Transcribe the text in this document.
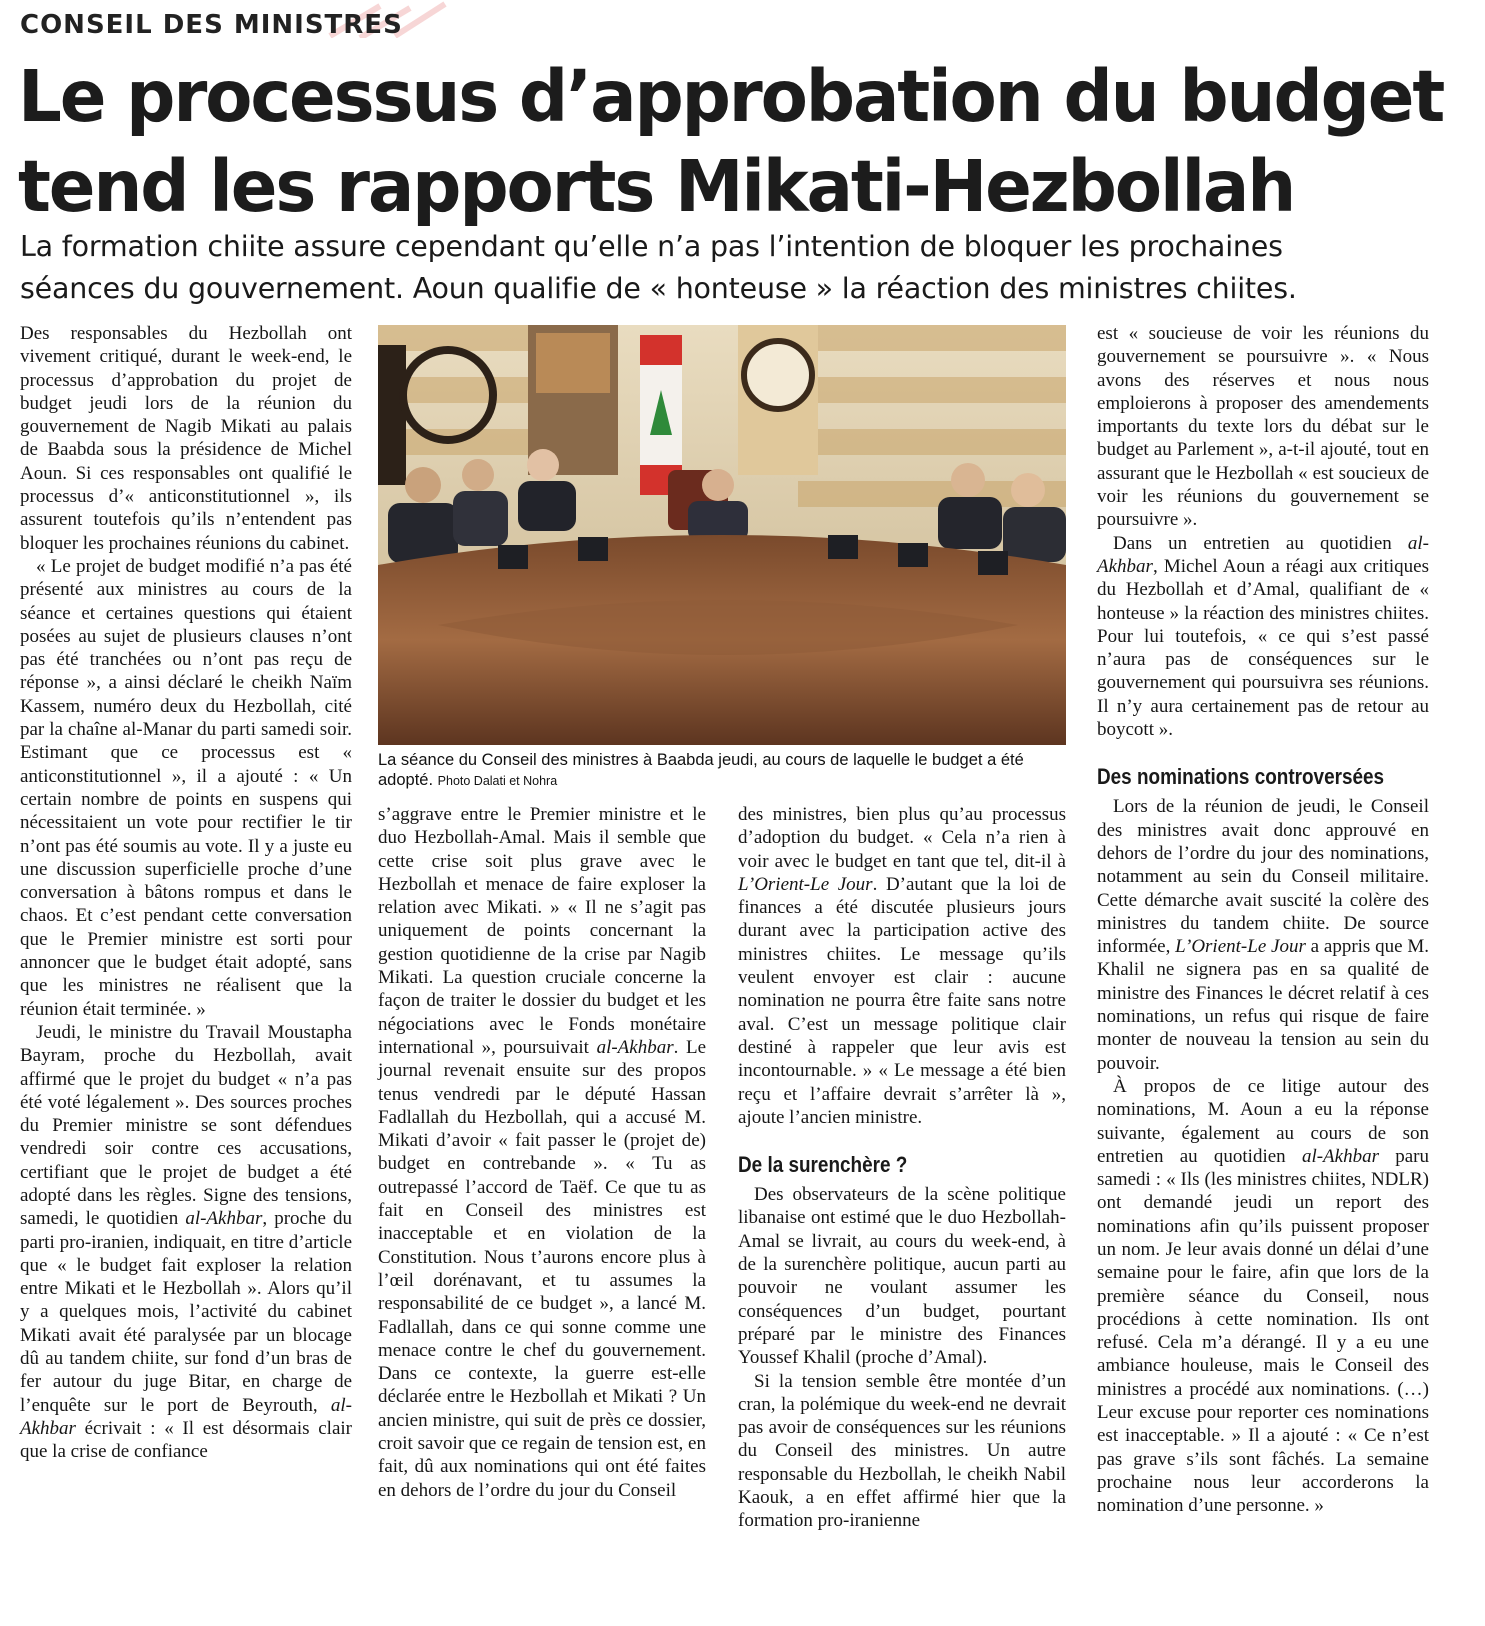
CONSEIL DES MINISTRES
Le processus d’approbation du budget
tend les rapports Mikati-Hezbollah
La formation chiite assure cependant qu’elle n’a pas l’intention de bloquer les prochaines
séances du gouvernement. Aoun qualifie de « honteuse » la réaction des ministres chiites.

Des responsables du Hezbollah ont vivement critiqué, durant le week-end, le processus d’approbation du projet de budget jeudi lors de la réunion du gouvernement de Nagib Mikati au palais de Baabda sous la présidence de Michel Aoun. Si ces responsables ont qualifié le processus d’« anticonstitutionnel », ils assurent toutefois qu’ils n’entendent pas bloquer les prochaines réunions du cabinet.

« Le projet de budget modifié n’a pas été présenté aux ministres au cours de la séance et certaines questions qui étaient posées au sujet de plusieurs clauses n’ont pas été tranchées ou n’ont pas reçu de réponse », a ainsi déclaré le cheikh Naïm Kassem, numéro deux du Hezbollah, cité par la chaîne al-Manar du parti samedi soir. Estimant que ce processus est « anticonstitutionnel », il a ajouté : « Un certain nombre de points en suspens qui nécessitaient un vote pour rectifier le tir n’ont pas été soumis au vote. Il y a juste eu une discussion superficielle proche d’une conversation à bâtons rompus et dans le chaos. Et c’est pendant cette conversation que le Premier ministre est sorti pour annoncer que le budget était adopté, sans que les ministres ne réalisent que la réunion était terminée. »

Jeudi, le ministre du Travail Moustapha Bayram, proche du Hezbollah, avait affirmé que le projet du budget « n’a pas été voté légalement ». Des sources proches du Premier ministre se sont défendues vendredi soir contre ces accusations, certifiant que le projet de budget a été adopté dans les règles. Signe des tensions, samedi, le quotidien al-Akhbar, proche du parti pro-iranien, indiquait, en titre d’article que « le budget fait exploser la relation entre Mikati et le Hezbollah ». Alors qu’il y a quelques mois, l’activité du cabinet Mikati avait été paralysée par un blocage dû au tandem chiite, sur fond d’un bras de fer autour du juge Bitar, en charge de l’enquête sur le port de Beyrouth, al-Akhbar écrivait : « Il est désormais clair que la crise de confiance

La séance du Conseil des ministres à Baabda jeudi, au cours de laquelle le budget a été adopté. Photo Dalati et Nohra

s’aggrave entre le Premier ministre et le duo Hezbollah-Amal. Mais il semble que cette crise soit plus grave avec le Hezbollah et menace de faire exploser la relation avec Mikati. » « Il ne s’agit pas uniquement de points concernant la gestion quotidienne de la crise par Nagib Mikati. La question cruciale concerne la façon de traiter le dossier du budget et les négociations avec le Fonds monétaire international », poursuivait al-Akhbar. Le journal revenait ensuite sur des propos tenus vendredi par le député Hassan Fadlallah du Hezbollah, qui a accusé M. Mikati d’avoir « fait passer le (projet de) budget en contrebande ». « Tu as outrepassé l’accord de Taëf. Ce que tu as fait en Conseil des ministres est inacceptable et en violation de la Constitution. Nous t’aurons encore plus à l’œil dorénavant, et tu assumes la responsabilité de ce budget », a lancé M. Fadlallah, dans ce qui sonne comme une menace contre le chef du gouvernement. Dans ce contexte, la guerre est-elle déclarée entre le Hezbollah et Mikati ? Un ancien ministre, qui suit de près ce dossier, croit savoir que ce regain de tension est, en fait, dû aux nominations qui ont été faites en dehors de l’ordre du jour du Conseil

des ministres, bien plus qu’au processus d’adoption du budget. « Cela n’a rien à voir avec le budget en tant que tel, dit-il à L’Orient-Le Jour. D’autant que la loi de finances a été discutée plusieurs jours durant avec la participation active des ministres chiites. Le message qu’ils veulent envoyer est clair : aucune nomination ne pourra être faite sans notre aval. C’est un message politique clair destiné à rappeler que leur avis est incontournable. » « Le message a été bien reçu et l’affaire devrait s’arrêter là », ajoute l’ancien ministre.

De la surenchère ?

Des observateurs de la scène politique libanaise ont estimé que le duo Hezbollah-Amal se livrait, au cours du week-end, à de la surenchère politique, aucun parti au pouvoir ne voulant assumer les conséquences d’un budget, pourtant préparé par le ministre des Finances Youssef Khalil (proche d’Amal).

Si la tension semble être montée d’un cran, la polémique du week-end ne devrait pas avoir de conséquences sur les réunions du Conseil des ministres. Un autre responsable du Hezbollah, le cheikh Nabil Kaouk, a en effet affirmé hier que la formation pro-iranienne

est « soucieuse de voir les réunions du gouvernement se poursuivre ». « Nous avons des réserves et nous nous emploierons à proposer des amendements importants du texte lors du débat sur le budget au Parlement », a-t-il ajouté, tout en assurant que le Hezbollah « est soucieux de voir les réunions du gouvernement se poursuivre ».

Dans un entretien au quotidien al-Akhbar, Michel Aoun a réagi aux critiques du Hezbollah et d’Amal, qualifiant de « honteuse » la réaction des ministres chiites. Pour lui toutefois, « ce qui s’est passé n’aura pas de conséquences sur le gouvernement qui poursuivra ses réunions. Il n’y aura certainement pas de retour au boycott ».

Des nominations controversées

Lors de la réunion de jeudi, le Conseil des ministres avait donc approuvé en dehors de l’ordre du jour des nominations, notamment au sein du Conseil militaire. Cette démarche avait suscité la colère des ministres du tandem chiite. De source informée, L’Orient-Le Jour a appris que M. Khalil ne signera pas en sa qualité de ministre des Finances le décret relatif à ces nominations, un refus qui risque de faire monter de nouveau la tension au sein du pouvoir.

À propos de ce litige autour des nominations, M. Aoun a eu la réponse suivante, également au cours de son entretien au quotidien al-Akhbar paru samedi : « Ils (les ministres chiites, NDLR) ont demandé jeudi un report des nominations afin qu’ils puissent proposer un nom. Je leur avais donné un délai d’une semaine pour le faire, afin que lors de la première séance du Conseil, nous procédions à cette nomination. Ils ont refusé. Cela m’a dérangé. Il y a eu une ambiance houleuse, mais le Conseil des ministres a procédé aux nominations. (…) Leur excuse pour reporter ces nominations est inacceptable. » Il a ajouté : « Ce n’est pas grave s’ils sont fâchés. La semaine prochaine nous leur accorderons la nomination d’une personne. »
